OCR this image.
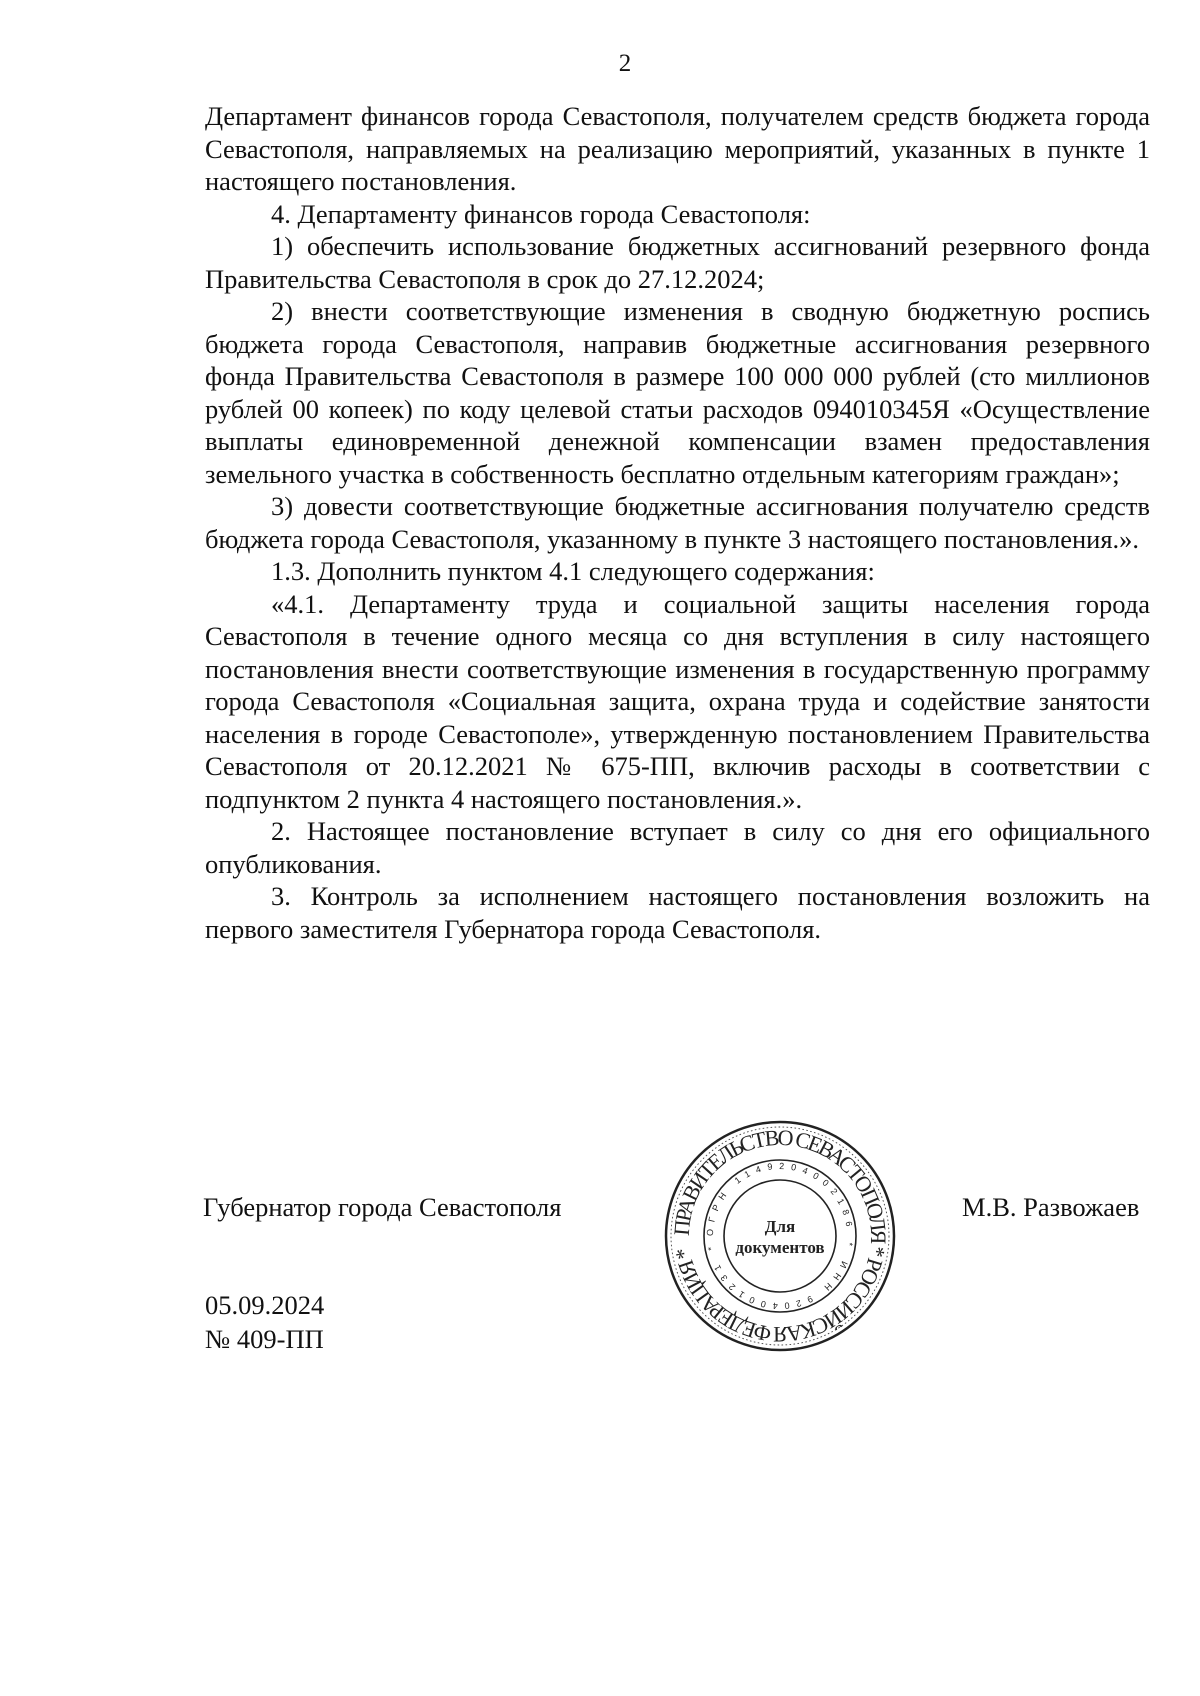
2

Департамент финансов города Севастополя, получателем средств бюджета города Севастополя, направляемых на реализацию мероприятий, указанных в пункте 1 настоящего постановления.

4. Департаменту финансов города Севастополя:

1) обеспечить использование бюджетных ассигнований резервного фонда Правительства Севастополя в срок до 27.12.2024;

2) внести соответствующие изменения в сводную бюджетную роспись бюджета города Севастополя, направив бюджетные ассигнования резервного фонда Правительства Севастополя в размере 100 000 000 рублей (сто миллионов рублей 00 копеек) по коду целевой статьи расходов 094010345Я «Осуществление выплаты единовременной денежной компенсации взамен предоставления земельного участка в собственность бесплатно отдельным категориям граждан»;

3) довести соответствующие бюджетные ассигнования получателю средств бюджета города Севастополя, указанному в пункте 3 настоящего постановления.».

1.3. Дополнить пунктом 4.1 следующего содержания:

«4.1. Департаменту труда и социальной защиты населения города Севастополя в течение одного месяца со дня вступления в силу настоящего постановления внести соответствующие изменения в государственную программу города Севастополя «Социальная защита, охрана труда и содействие занятости населения в городе Севастополе», утвержденную постановлением Правительства Севастополя от 20.12.2021 № 675-ПП, включив расходы в соответствии с подпунктом 2 пункта 4 настоящего постановления.».

2. Настоящее постановление вступает в силу со дня его официального опубликования.

3. Контроль за исполнением настоящего постановления возложить на первого заместителя Губернатора города Севастополя.

Губернатор города Севастополя
ПРАВИТЕЛЬСТВО СЕВАСТОПОЛЯ * РОССИЙСКАЯ ФЕДЕРАЦИЯ *
ОГРН 1149204002186 * ИНН 9204001231 *
Для
документов
М.В. Развожаев
05.09.2024
№ 409-ПП
